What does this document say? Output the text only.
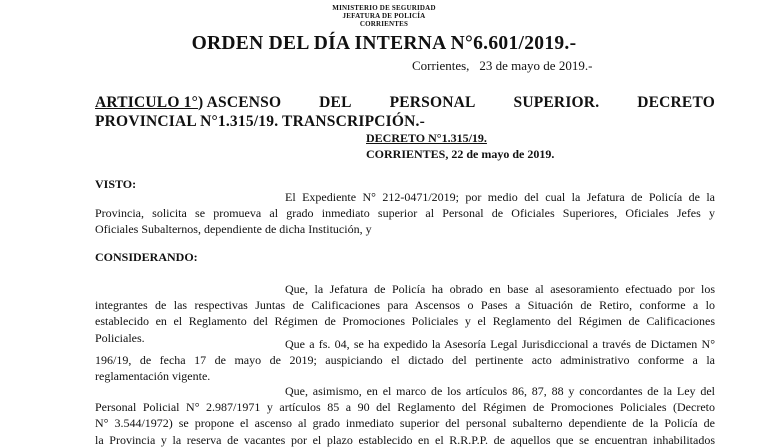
MINISTERIO DE SEGURIDAD
JEFATURA DE POLICÍA
CORRIENTES
ORDEN DEL DÍA INTERNA N°6.601/2019.-
Corrientes, 23 de mayo de 2019.-
ARTICULO 1°) ASCENSO DEL PERSONAL SUPERIOR. DECRETO
PROVINCIAL N°1.315/19. TRANSCRIPCIÓN.-
DECRETO N°1.315/19.
CORRIENTES, 22 de mayo de 2019.
VISTO:
El Expediente N° 212-0471/2019; por medio del cual la Jefatura de Policía de la
Provincia, solicita se promueva al grado inmediato superior al Personal de Oficiales Superiores, Oficiales Jefes y
Oficiales Subalternos, dependiente de dicha Institución, y
CONSIDERANDO:
Que, la Jefatura de Policía ha obrado en base al asesoramiento efectuado por los
integrantes de las respectivas Juntas de Calificaciones para Ascensos o Pases a Situación de Retiro, conforme a lo
establecido en el Reglamento del Régimen de Promociones Policiales y el Reglamento del Régimen de Calificaciones
Policiales.	Que a fs. 04, se ha expedido la Asesoría Legal Jurisdiccional a través de Dictamen N°
196/19, de fecha 17 de mayo de 2019; auspiciando el dictado del pertinente acto administrativo conforme a la
reglamentación vigente.
Que, asimismo, en el marco de los artículos 86, 87, 88 y concordantes de la Ley del
Personal Policial N° 2.987/1971 y artículos 85 a 90 del Reglamento del Régimen de Promociones Policiales (Decreto
N° 3.544/1972) se propone el ascenso al grado inmediato superior del personal subalterno dependiente de la Policía de
la Provincia y la reserva de vacantes por el plazo establecido en el R.R.P.P. de aquellos que se encuentran inhabilitados
